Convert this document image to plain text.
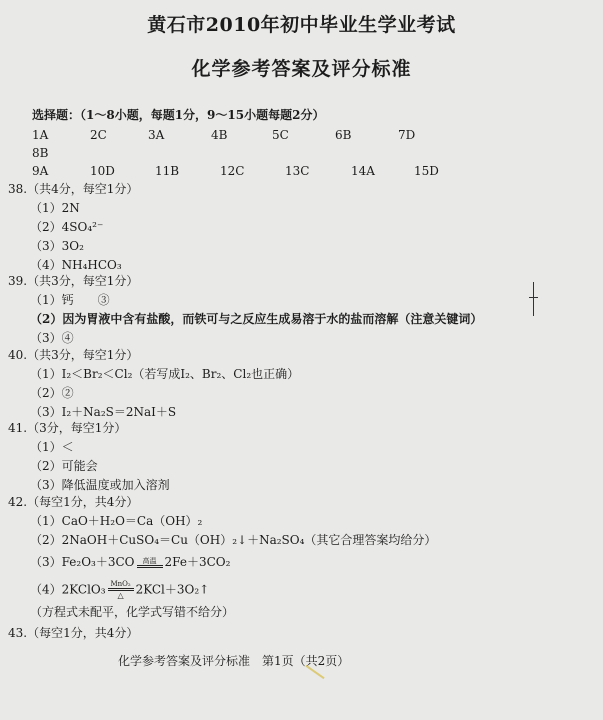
黄石市2010年初中毕业生学业考试
化学参考答案及评分标准
选择题：（1～8小题，每题1分，9～15小题每题2分）
1A	2C	3A	4B	5C	6B	7D
8B
9A	10D	11B	12C	13C	14A	15D
38.（共4分，每空1分）
（1）2N
（2）4SO₄²⁻
（3）3O₂
（4）NH₄HCO₃
39.（共3分，每空1分）
（1）钙　　③
（2）因为胃液中含有盐酸，而铁可与之反应生成易溶于水的盐而溶解（注意关键词）
（3）④
40.（共3分，每空1分）
（1）I₂＜Br₂＜Cl₂（若写成I₂、Br₂、Cl₂也正确）
（2）②
（3）I₂＋Na₂S＝2NaI＋S
41.（3分，每空1分）
（1）＜
（2）可能会
（3）降低温度或加入溶剂
42.（每空1分，共4分）
（1）CaO＋H₂O＝Ca（OH）₂
（2）2NaOH＋CuSO₄＝Cu（OH）₂↓＋Na₂SO₄（其它合理答案均给分）
（3）Fe₂O₃＋3CO	高温 2Fe＋3CO₂
（4）2KClO₃ MnO₂
△ 2KCl＋3O₂↑
（方程式未配平，化学式写错不给分）
43.（每空1分，共4分）
化学参考答案及评分标准　第1页（共2页）
